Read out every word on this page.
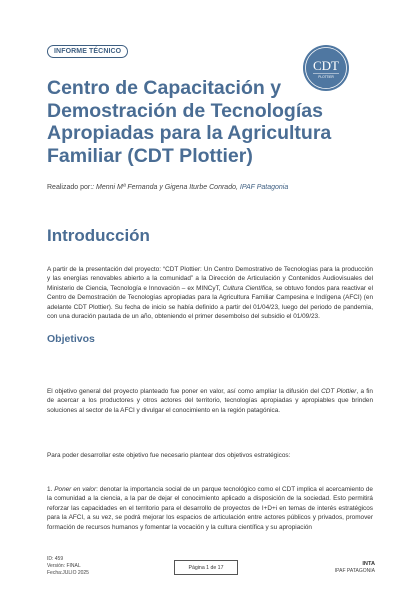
INFORME TÉCNICO
CDT
PLOTTIER
Centro de Capacitación y Demostración de Tecnologías Apropiadas para la Agricultura Familiar (CDT Plottier)
Realizado por:: Menni Mª Fernanda y Gigena Iturbe Conrado, IPAF Patagonia
Introducción

A partir de la presentación del proyecto: “CDT Plottier: Un Centro Demostrativo de Tecnologías para la producción y las energías renovables abierto a la comunidad” a la Dirección de Articulación y Contenidos Audiovisuales del Ministerio de Ciencia, Tecnología e Innovación – ex MINCyT, Cultura Científica, se obtuvo fondos para reactivar el Centro de Demostración de Tecnologías apropiadas para la Agricultura Familiar Campesina e Indígena (AFCI) (en adelante CDT Plottier). Su fecha de inicio se había definido a partir del 01/04/23, luego del periodo de pandemia, con una duración pautada de un año, obteniendo el primer desembolso del subsidio el 01/09/23.

Objetivos

El objetivo general del proyecto planteado fue poner en valor, así como ampliar la difusión del CDT Plottier, a fin de acercar a los productores y otros actores del territorio, tecnologías apropiadas y apropiables que brinden soluciones al sector de la AFCI y divulgar el conocimiento en la región patagónica.

Para poder desarrollar este objetivo fue necesario plantear dos objetivos estratégicos:

1. Poner en valor: denotar la importancia social de un parque tecnológico como el CDT implica el acercamiento de la comunidad a la ciencia, a la par de dejar el conocimiento aplicado a disposición de la sociedad. Esto permitirá reforzar las capacidades en el territorio para el desarrollo de proyectos de I+D+i en temas de interés estratégicos para la AFCI, a su vez, se podrá mejorar los espacios de articulación entre actores públicos y privados, promover formación de recursos humanos y fomentar la vocación y la cultura científica y su apropiación

ID: 459
Versión: FINAL
Fecha:JULIO 2025
Página 1 de 17
INTA
IPAF PATAGONIA
